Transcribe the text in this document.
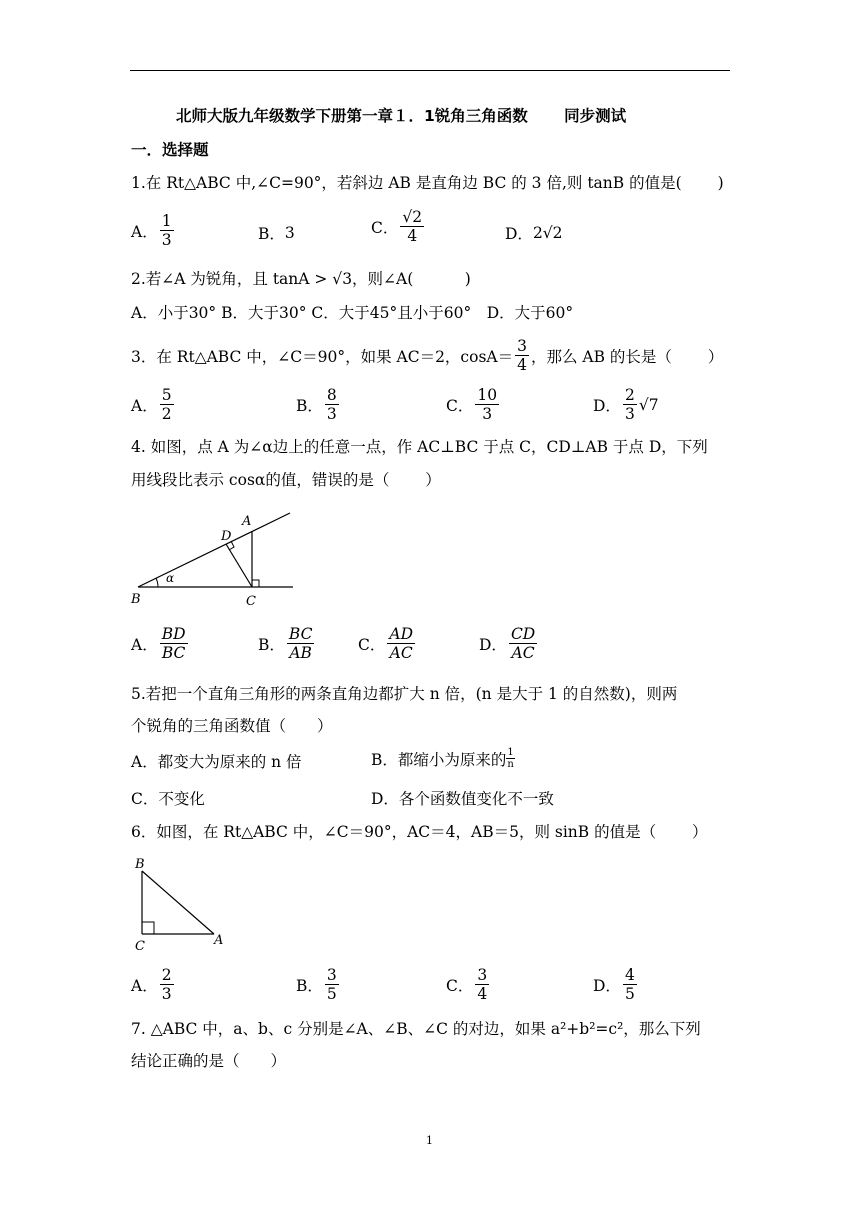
北师大版九年级数学下册第一章１．1锐角三角函数　　 同步测试
一．选择题
1.在 Rt△ABC 中,∠C=90°，若斜边 AB 是直角边 BC 的 3 倍,则 tanB 的值是(　　 )
A． $\frac{1}{3}$	B． 3	C． $\frac{√2}{4}$	D． 2√2
2.若∠A 为锐角，且 tanA > √3，则∠A(　　 　)
A．小于30° B．大于30° C．大于45°且小于60°　D．大于60°
3．在 Rt△ABC 中，∠C＝90°，如果 AC＝2，$\cos A= \frac{3}{4}$ ，那么 AB 的长是（　　 ）
A． $\frac{5}{2}$	B． $\frac{8}{3}$	C． $\frac{10}{3}$	D． $\frac{2}{3} √7$
4. 如图，点 A 为∠α边上的任意一点，作 AC⊥BC 于点 C，CD⊥AB 于点 D，下列
用线段比表示 cosα的值，错误的是（　　 ）
D
A
B	C
α
A． $\frac{BD}{BC}$	B． $\frac{BC}{AB}$	C． $\frac{AD}{AC}$	D． $\frac{CD}{AC}$
5.若把一个直角三角形的两条直角边都扩大 n 倍，(n 是大于 1 的自然数)，则两
个锐角的三角函数值（　　）
A．都变大为原来的 n 倍	B．都缩小为原来的 $\frac{1}{n}$
C．不变化	D．各个函数值变化不一致
6．如图，在 Rt△ABC 中，∠C＝90°，AC＝4，AB＝5，则 sinB 的值是（　　 ）
B
C	A
A． $\frac{2}{3}$	B． $\frac{3}{5}$	C． $\frac{3}{4}$	D． $\frac{4}{5}$
7. △ABC 中，a、b、c 分别是∠A、∠B、∠C 的对边，如果 a²+b²=c²，那么下列
结论正确的是（　　）
1
